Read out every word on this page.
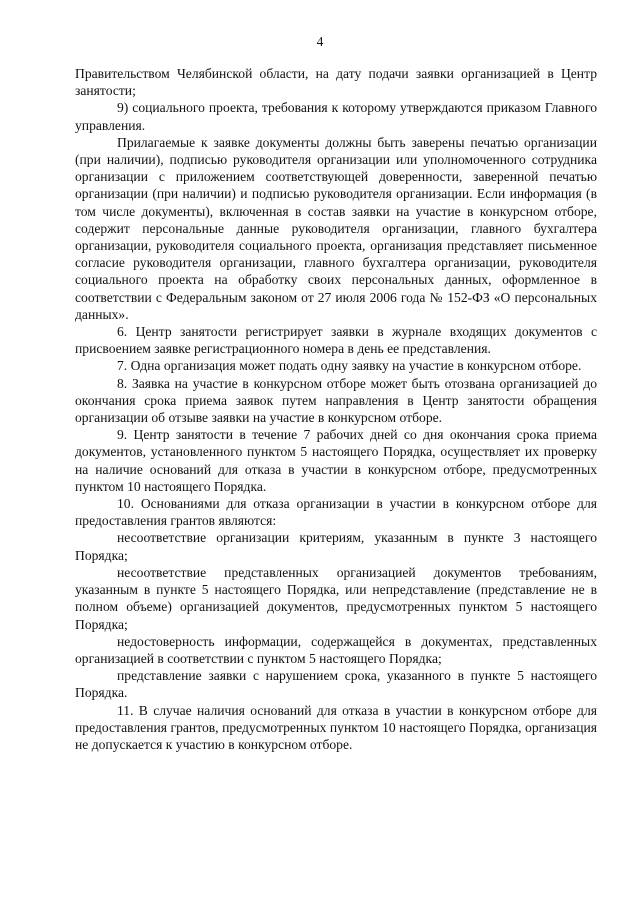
4

Правительством Челябинской области, на дату подачи заявки организацией в Центр занятости;

9) социального проекта, требования к которому утверждаются приказом Главного управления.

Прилагаемые к заявке документы должны быть заверены печатью организации (при наличии), подписью руководителя организации или уполномоченного сотрудника организации с приложением соответствующей доверенности, заверенной печатью организации (при наличии) и подписью руководителя организации. Если информация (в том числе документы), включенная в состав заявки на участие в конкурсном отборе, содержит персональные данные руководителя организации, главного бухгалтера организации, руководителя социального проекта, организация представляет письменное согласие руководителя организации, главного бухгалтера организации, руководителя социального проекта на обработку своих персональных данных, оформленное в соответствии с Федеральным законом от 27 июля 2006 года № 152-ФЗ «О персональных данных».

6. Центр занятости регистрирует заявки в журнале входящих документов с присвоением заявке регистрационного номера в день ее представления.

7. Одна организация может подать одну заявку на участие в конкурсном отборе.

8. Заявка на участие в конкурсном отборе может быть отозвана организацией до окончания срока приема заявок путем направления в Центр занятости обращения организации об отзыве заявки на участие в конкурсном отборе.

9. Центр занятости в течение 7 рабочих дней со дня окончания срока приема документов, установленного пунктом 5 настоящего Порядка, осуществляет их проверку на наличие оснований для отказа в участии в конкурсном отборе, предусмотренных пунктом 10 настоящего Порядка.

10. Основаниями для отказа организации в участии в конкурсном отборе для предоставления грантов являются:

несоответствие организации критериям, указанным в пункте 3 настоящего Порядка;

несоответствие представленных организацией документов требованиям, указанным в пункте 5 настоящего Порядка, или непредставление (представление не в полном объеме) организацией документов, предусмотренных пунктом 5 настоящего Порядка;

недостоверность информации, содержащейся в документах, представленных организацией в соответствии с пунктом 5 настоящего Порядка;

представление заявки с нарушением срока, указанного в пункте 5 настоящего Порядка.

11. В случае наличия оснований для отказа в участии в конкурсном отборе для предоставления грантов, предусмотренных пунктом 10 настоящего Порядка, организация не допускается к участию в конкурсном отборе.
